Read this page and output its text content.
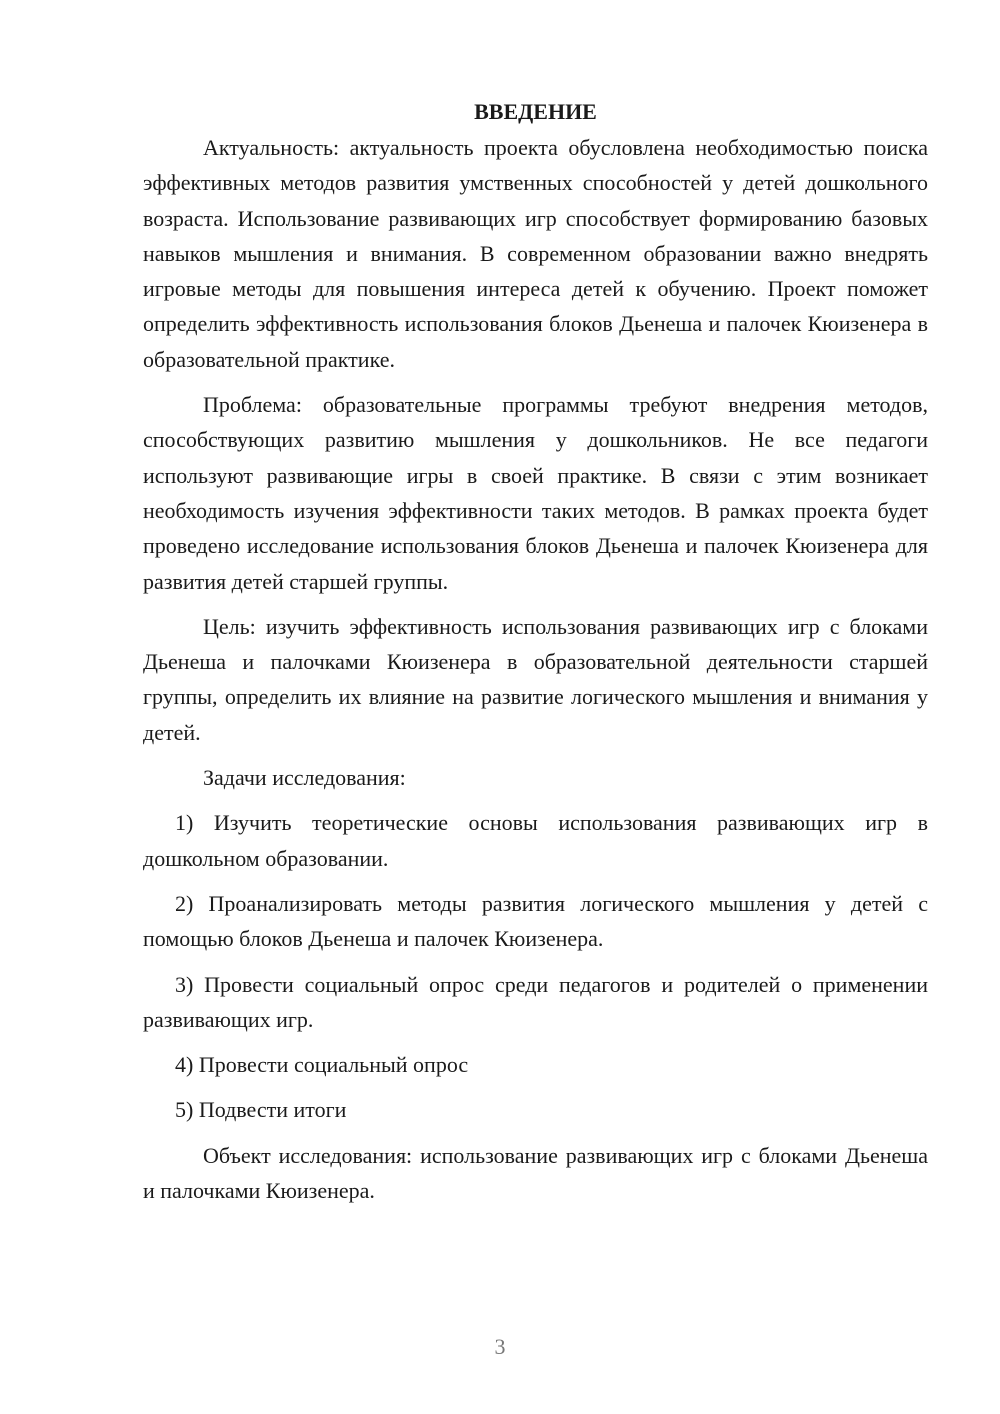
ВВЕДЕНИЕ

Актуальность: актуальность проекта обусловлена необходимостью поиска эффективных методов развития умственных способностей у детей дошкольного возраста. Использование развивающих игр способствует формированию базовых навыков мышления и внимания. В современном образовании важно внедрять игровые методы для повышения интереса детей к обучению. Проект поможет определить эффективность использования блоков Дьенеша и палочек Кюизенера в образовательной практике.

Проблема: образовательные программы требуют внедрения методов, способствующих развитию мышления у дошкольников. Не все педагоги используют развивающие игры в своей практике. В связи с этим возникает необходимость изучения эффективности таких методов. В рамках проекта будет проведено исследование использования блоков Дьенеша и палочек Кюизенера для развития детей старшей группы.

Цель: изучить эффективность использования развивающих игр с блоками Дьенеша и палочками Кюизенера в образовательной деятельности старшей группы, определить их влияние на развитие логического мышления и внимания у детей.

Задачи исследования:

1) Изучить теоретические основы использования развивающих игр в дошкольном образовании.

2) Проанализировать методы развития логического мышления у детей с помощью блоков Дьенеша и палочек Кюизенера.

3) Провести социальный опрос среди педагогов и родителей о применении развивающих игр.

4) Провести социальный опрос

5) Подвести итоги

Объект исследования: использование развивающих игр с блоками Дьенеша и палочками Кюизенера.

3
